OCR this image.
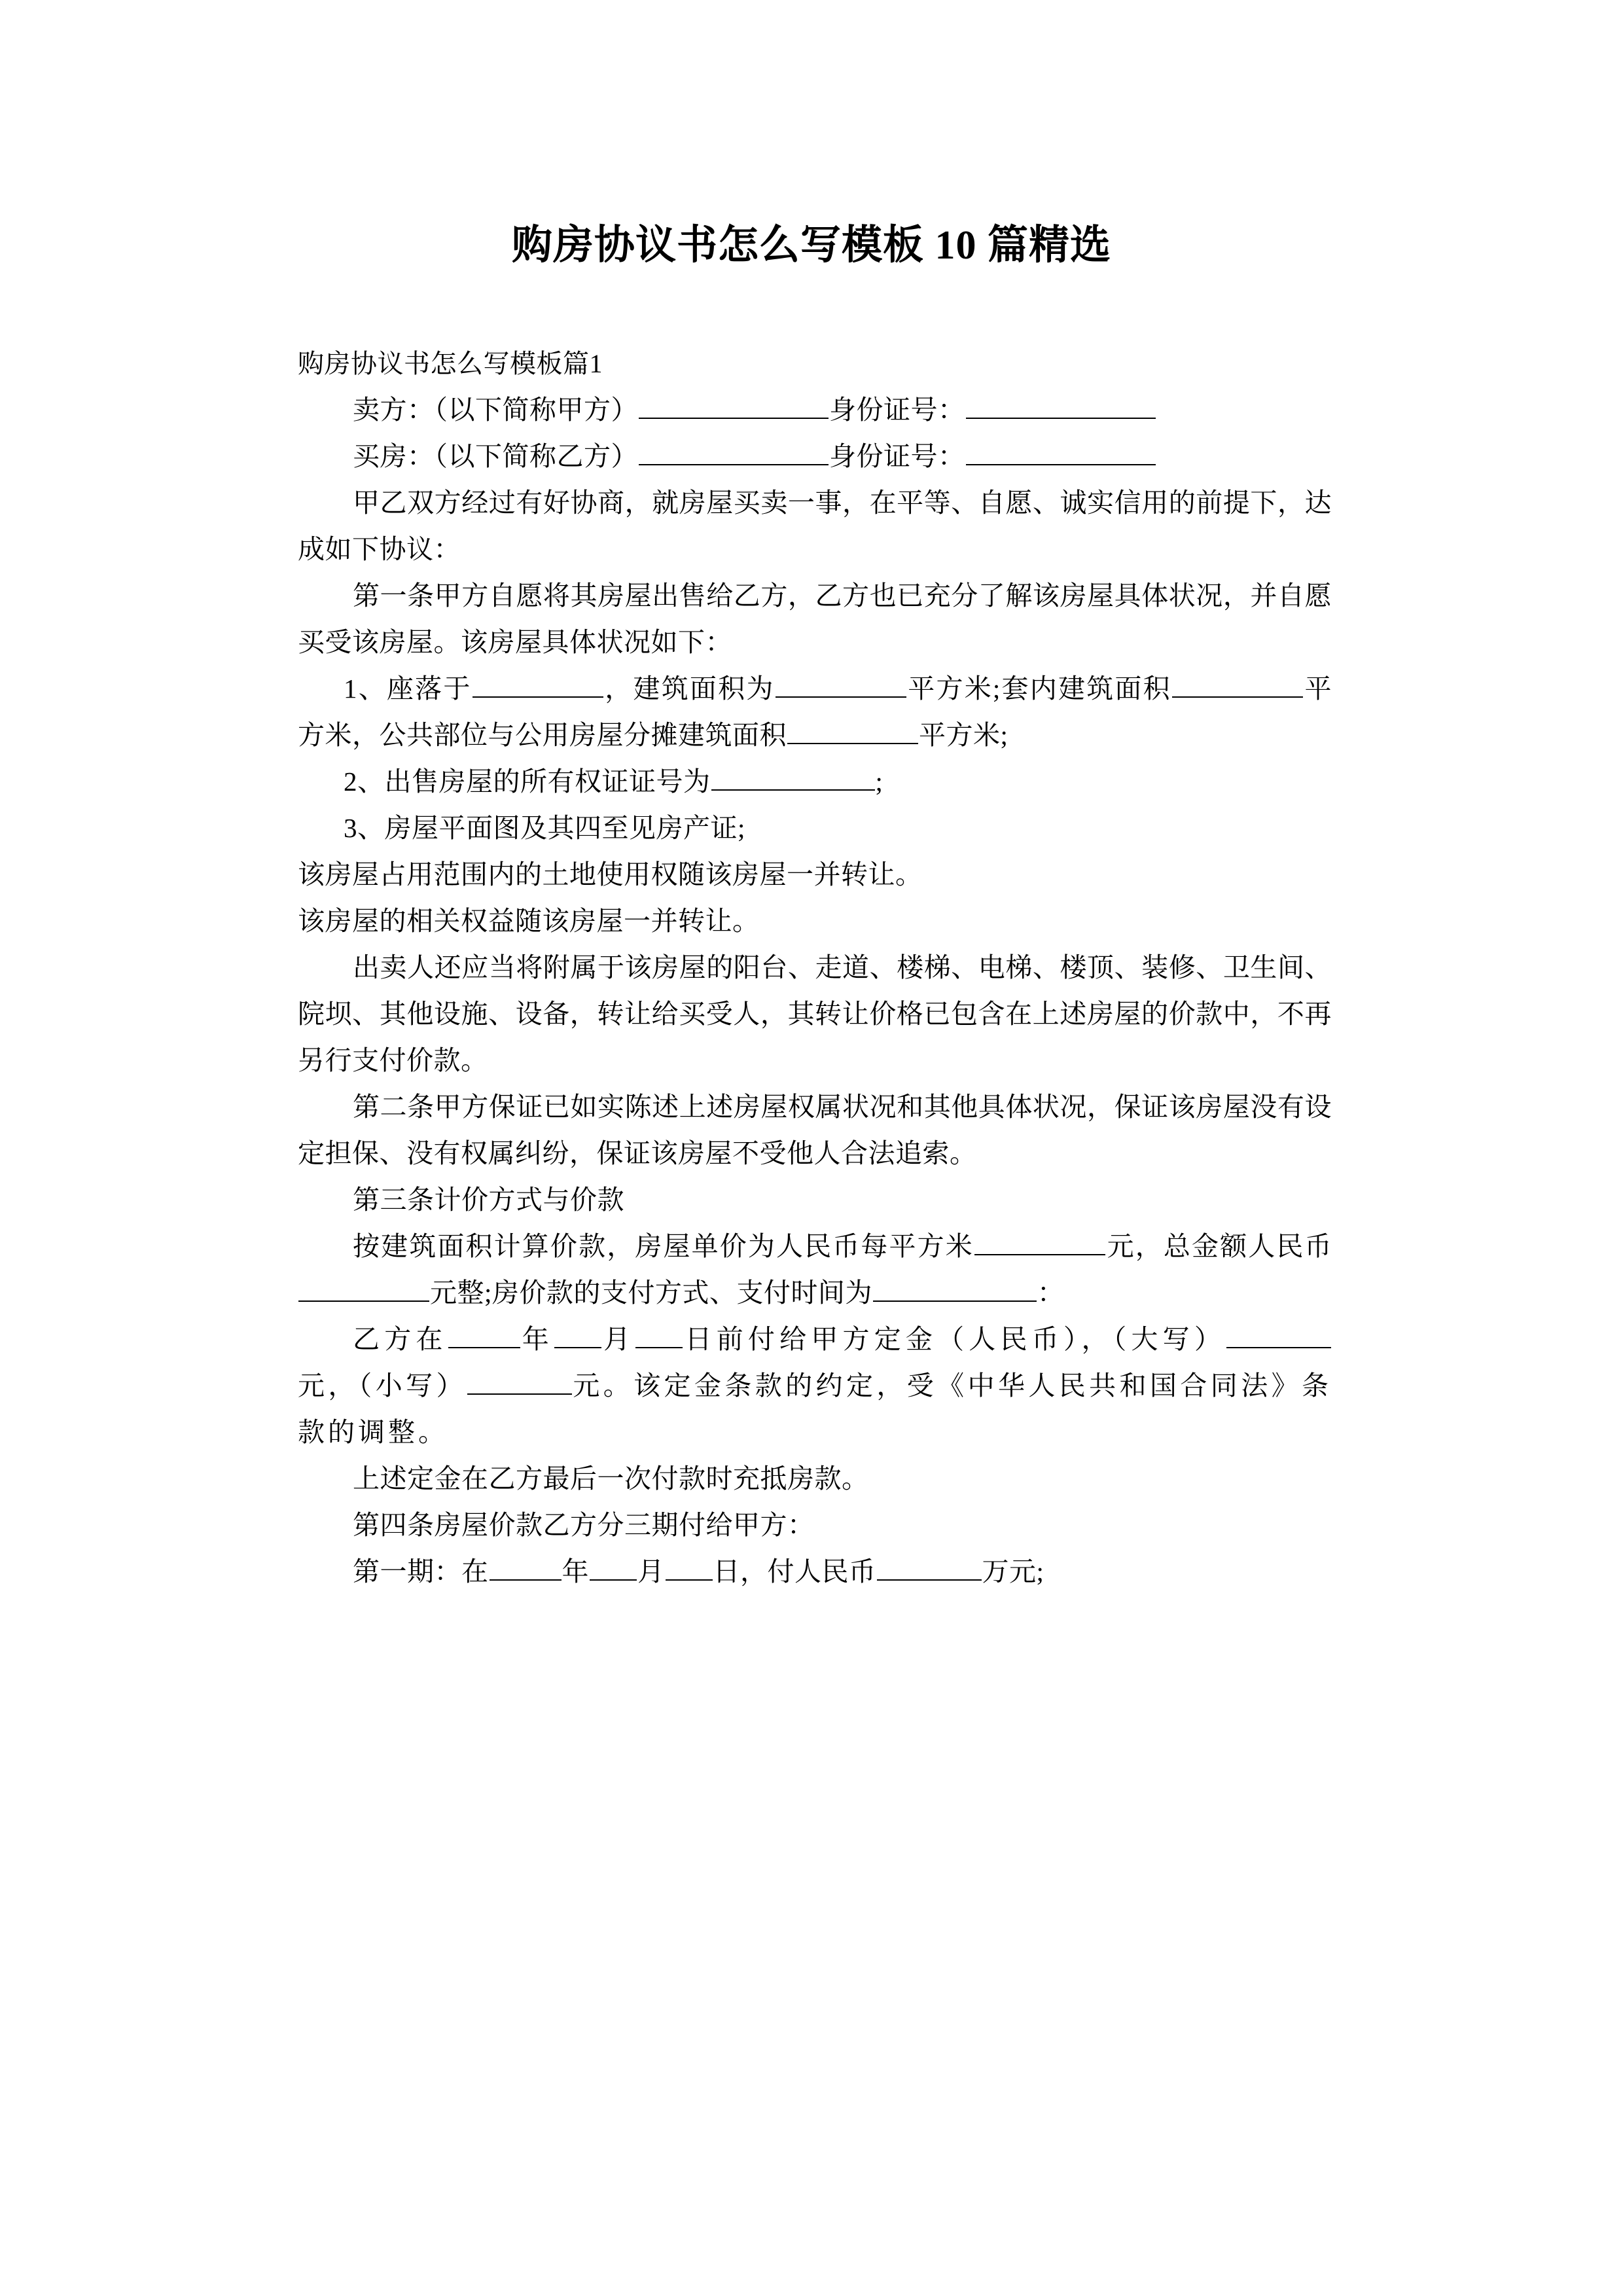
购房协议书怎么写模板 10 篇精选

购房协议书怎么写模板篇1

卖方：（以下简称甲方）	身份证号：

买房：（以下简称乙方）	身份证号：

甲乙双方经过有好协商，就房屋买卖一事，在平等、自愿、诚实信用的前提下，达成如下协议：

第一条甲方自愿将其房屋出售给乙方，乙方也已充分了解该房屋具体状况，并自愿买受该房屋。该房屋具体状况如下：

1、座落于	，建筑面积为	平方米;套内建筑面积	平方米，公共部位与公用房屋分摊建筑面积	平方米;

2、出售房屋的所有权证证号为	;

3、房屋平面图及其四至见房产证;

该房屋占用范围内的土地使用权随该房屋一并转让。

该房屋的相关权益随该房屋一并转让。

出卖人还应当将附属于该房屋的阳台、走道、楼梯、电梯、楼顶、装修、卫生间、院坝、其他设施、设备，转让给买受人，其转让价格已包含在上述房屋的价款中，不再另行支付价款。

第二条甲方保证已如实陈述上述房屋权属状况和其他具体状况，保证该房屋没有设定担保、没有权属纠纷，保证该房屋不受他人合法追索。

第三条计价方式与价款

按建筑面积计算价款，房屋单价为人民币每平方米	元，总金额人民币元整;房价款的支付方式、支付时间为	：

乙方在	年 月 日前付给甲方定金（人民币），（大写）元，（小写）	元。该定金条款的约定，受《中华人民共和国合同法》条款的调整。

上述定金在乙方最后一次付款时充抵房款。

第四条房屋价款乙方分三期付给甲方：

第一期：在	年 月 日，付人民币	万元;
